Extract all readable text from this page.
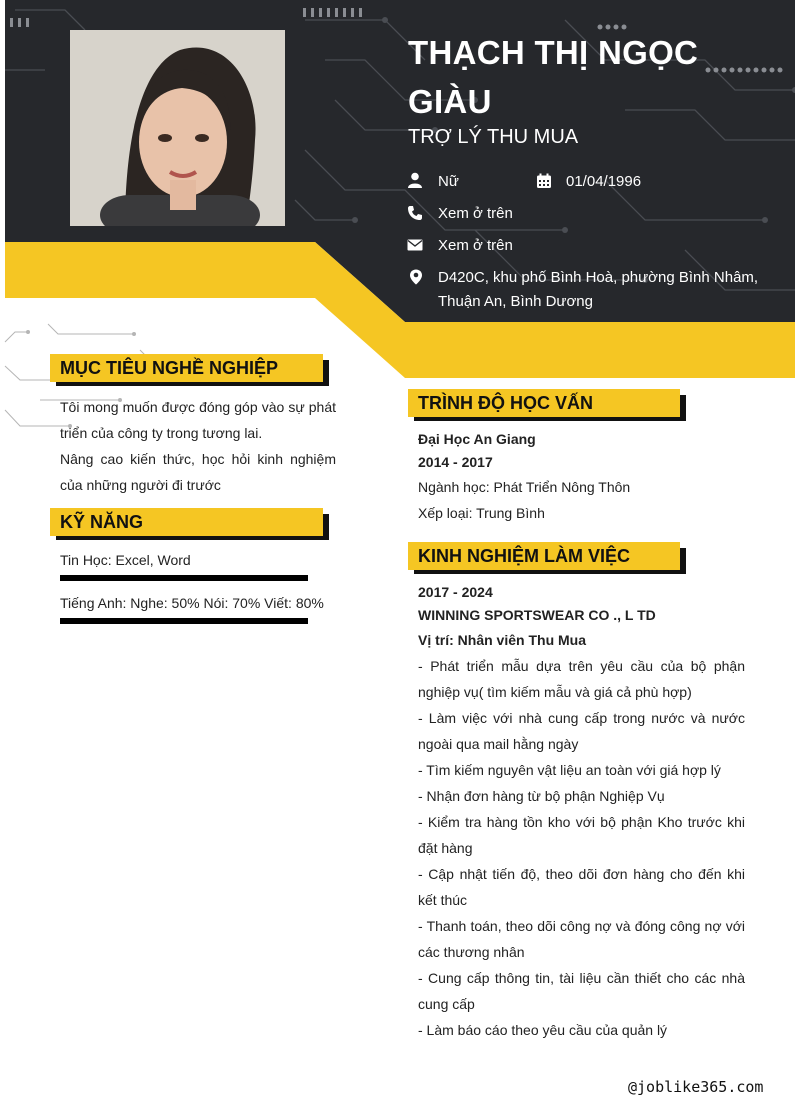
THẠCH THỊ NGỌC GIÀU
TRỢ LÝ THU MUA
Nữ	01/04/1996
Xem ở trên
Xem ở trên
D420C, khu phố Bình Hoà, phường Bình Nhâm, Thuận An, Bình Dương
MỤC TIÊU NGHỀ NGHIỆP
Tôi mong muốn được đóng góp vào sự phát triển của công ty trong tương lai.
Nâng cao kiến thức, học hỏi kinh nghiệm của những người đi trước
KỸ NĂNG
Tin Học: Excel, Word
Tiếng Anh: Nghe: 50% Nói: 70% Viết: 80%
TRÌNH ĐỘ HỌC VẤN
Đại Học An Giang
2014 - 2017
Ngành học: Phát Triển Nông Thôn
Xếp loại: Trung Bình
KINH NGHIỆM LÀM VIỆC
2017 - 2024
WINNING SPORTSWEAR CO ., L TD
Vị trí: Nhân viên Thu Mua
- Phát triển mẫu dựa trên yêu cầu của bộ phận nghiệp vụ( tìm kiếm mẫu và giá cả phù hợp)
- Làm việc với nhà cung cấp trong nước và nước ngoài qua mail hằng ngày
- Tìm kiếm nguyên vật liệu an toàn với giá hợp lý
- Nhận đơn hàng từ bộ phận Nghiệp Vụ
- Kiểm tra hàng tồn kho với bộ phận Kho trước khi đặt hàng
- Cập nhật tiến độ, theo dõi đơn hàng cho đến khi kết thúc
- Thanh toán, theo dõi công nợ và đóng công nợ với các thương nhân
- Cung cấp thông tin, tài liệu cần thiết cho các nhà cung cấp
- Làm báo cáo theo yêu cầu của quản lý
@joblike365.com
